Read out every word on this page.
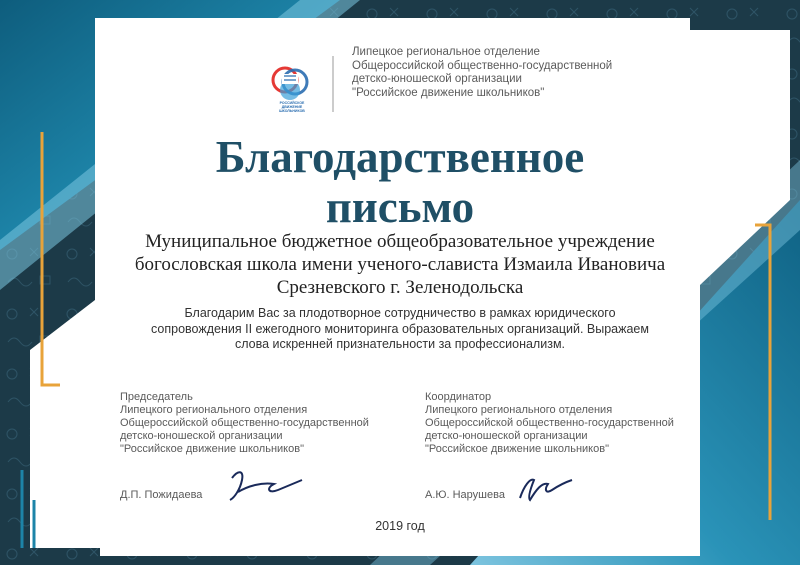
РОССИЙСКОЕ ДВИЖЕНИЕ ШКОЛЬНИКОВ
Липецкое региональное отделение
Общероссийской общественно-государственной
детско-юношеской организации
"Российское движение школьников"
Благодарственное
письмо
Муниципальное бюджетное общеобразовательное учреждение
богословская школа имени ученого-слависта Измаила Ивановича
Срезневского г. Зеленодольска
Благодарим Вас за плодотворное сотрудничество в рамках юридического
сопровождения II ежегодного мониторинга образовательных организаций. Выражаем
слова искренней признательности за профессионализм.
Председатель
Липецкого регионального отделения
Общероссийской общественно-государственной
детско-юношеской организации
"Российское движение школьников"
Д.П. Пожидаева
Координатор
Липецкого регионального отделения
Общероссийской общественно-государственной
детско-юношеской организации
"Российское движение школьников"
А.Ю. Нарушева
2019 год
